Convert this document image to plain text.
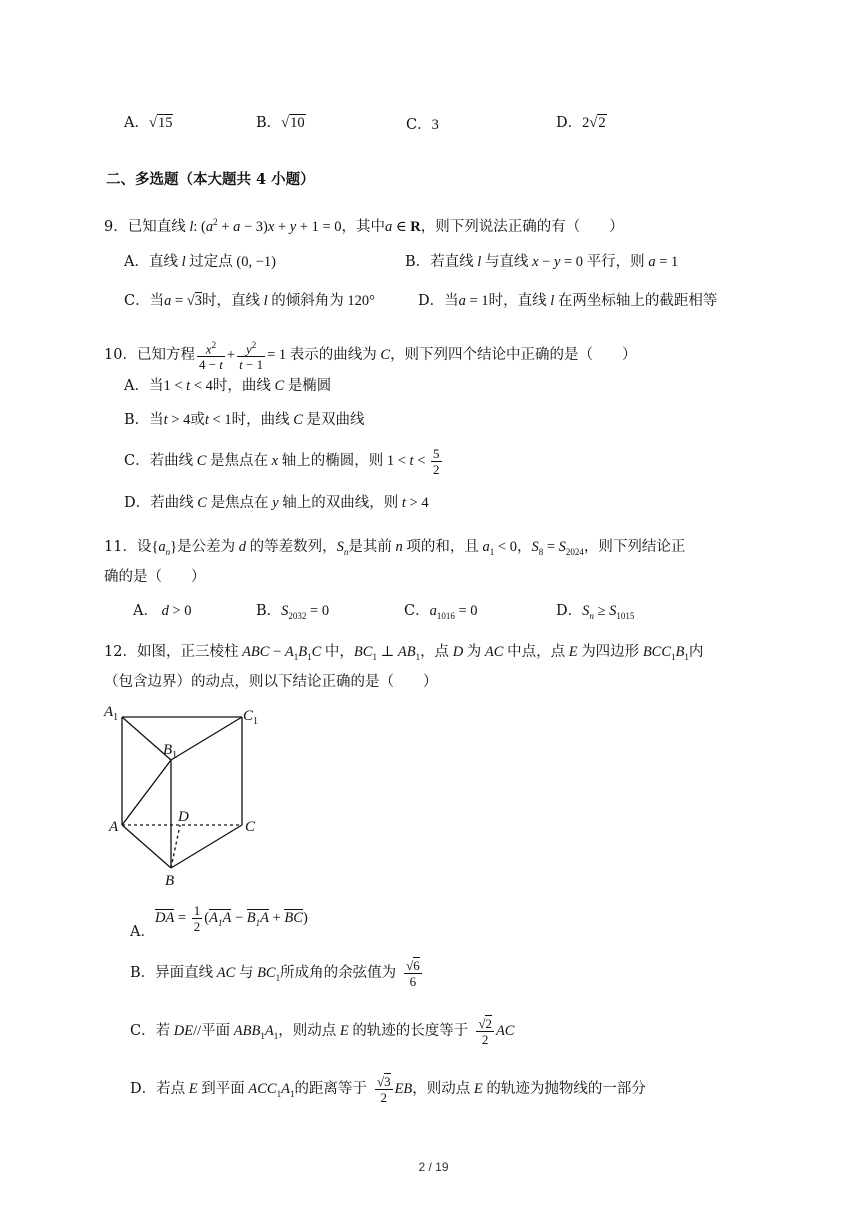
A．√15	B．√10	C．3	D．2√2
二、多选题（本大题共 4 小题）
9．已知直线 l: $(a^2 + a - 3)x + y + 1 = 0$，其中a ∈ R，则下列说法正确的有（　　）
A．直线 l 过定点 (0, −1)	B．若直线 l 与直线 x − y = 0 平行，则 a = 1
C．当a = √3时，直线 l 的倾斜角为 120°	D．当a = 1时，直线 l 在两坐标轴上的截距相等
10．已知方程 $\frac{x^2}{4 - t} + \frac{y^2}{t - 1} = 1$ 表示的曲线为 C，则下列四个结论中正确的是（　　）
A．当1 < t < 4时，曲线 C 是椭圆
B．当t > 4或t < 1时，曲线 C 是双曲线
C．若曲线 C 是焦点在 x 轴上的椭圆，则 $1 < t < \frac{5}{2}$
D．若曲线 C 是焦点在 y 轴上的双曲线，则 t > 4
11．设$\{a_n\}$是公差为 d 的等差数列，$S_n$是其前 n 项的和，且 $a_1 < 0$，$S_8 = S_{2024}$，则下列结论正
确的是（　　）
A． d > 0	B．$S_{2032} = 0$	C．$a_{1016} = 0$	D．$S_n \ge S_{1015}$
12．如图，正三棱柱 ABC − $A_1B_1C$ 中，$BC_1$ ⊥ $AB_1$，点 D 为 AC 中点，点 E 为四边形 $BCC_1B_1$内
（包含边界）的动点，则以下结论正确的是（　　）
$A_1$	$C_1$
$B_1$
A
D
C
B
A．DA = $\frac{1}{2} (A_1A - B_1A + BC)$
B．异面直线 AC 与 $BC_1$所成角的余弦值为 $\frac{√6}{6}$
C．若 DE//平面 $ABB_1A_1$，则动点 E 的轨迹的长度等于 $\frac{√2}{2}$ AC
D．若点 E 到平面 $ACC_1A_1$的距离等于 $\frac{√3}{2}$ EB，则动点 E 的轨迹为抛物线的一部分
2 / 19
